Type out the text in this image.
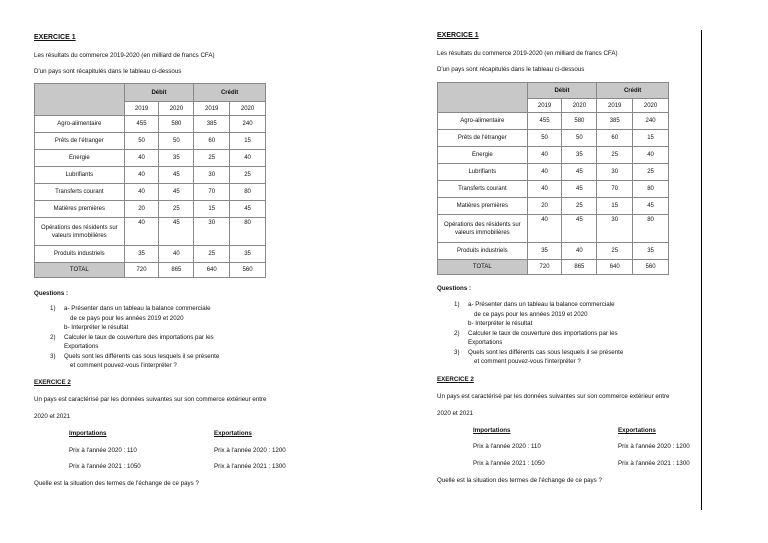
EXERCICE 1
Les résultats du commerce 2019-2020 (en milliard de francs CFA)
D'un pays sont récapitulés dans le tableau ci-dessous
	Débit		Crédit	
	2019	2020	2019	2020
Agro-alimentaire	455	580	385	240
Prêts de l'étranger	50	50	60	15
Energie	40	35	25	40
Lubrifiants	40	45	30	25
Transferts courant	40	45	70	80
Matières premières	20	25	15	45
Opérations des résidents sur valeurs immobilières	40	45	30	80
Produits industriels	35	40	25	35
TOTAL	720	865	640	560
Questions :
1) a- Présenter dans un tableau la balance commerciale
de ce pays pour les années 2019 et 2020
b- Interpréter le résultat
2) Calculer le taux de couverture des importations par les
Exportations
3) Quels sont les différents cas sous lesquels il se présente
et comment pouvez-vous l'interpréter ?
EXERCICE 2
Un pays est caractérisé par les données suivantes sur son commerce extérieur entre
2020 et 2021
Importations	Exportations
Prix à l'année 2020 : 110	Prix à l'année 2020 : 1200
Prix à l'année 2021 : 1050	Prix à l'année 2021 : 1300
Quelle est la situation des termes de l'échange de ce pays ?
EXERCICE 1
Les résultats du commerce 2019-2020 (en milliard de francs CFA)
D'un pays sont récapitulés dans le tableau ci-dessous
	Débit		Crédit	
	2019	2020	2019	2020
Agro-alimentaire	455	580	385	240
Prêts de l'étranger	50	50	60	15
Energie	40	35	25	40
Lubrifiants	40	45	30	25
Transferts courant	40	45	70	80
Matières premières	20	25	15	45
Opérations des résidents sur valeurs immobilières	40	45	30	80
Produits industriels	35	40	25	35
TOTAL	720	865	640	560
Questions :
1) a- Présenter dans un tableau la balance commerciale
de ce pays pour les années 2019 et 2020
b- Interpréter le résultat
2) Calculer le taux de couverture des importations par les
Exportations
3) Quels sont les différents cas sous lesquels il se présente
et comment pouvez-vous l'interpréter ?
EXERCICE 2
Un pays est caractérisé par les données suivantes sur son commerce extérieur entre
2020 et 2021
Importations	Exportations
Prix à l'année 2020 : 110	Prix à l'année 2020 : 1200
Prix à l'année 2021 : 1050	Prix à l'année 2021 : 1300
Quelle est la situation des termes de l'échange de ce pays ?
